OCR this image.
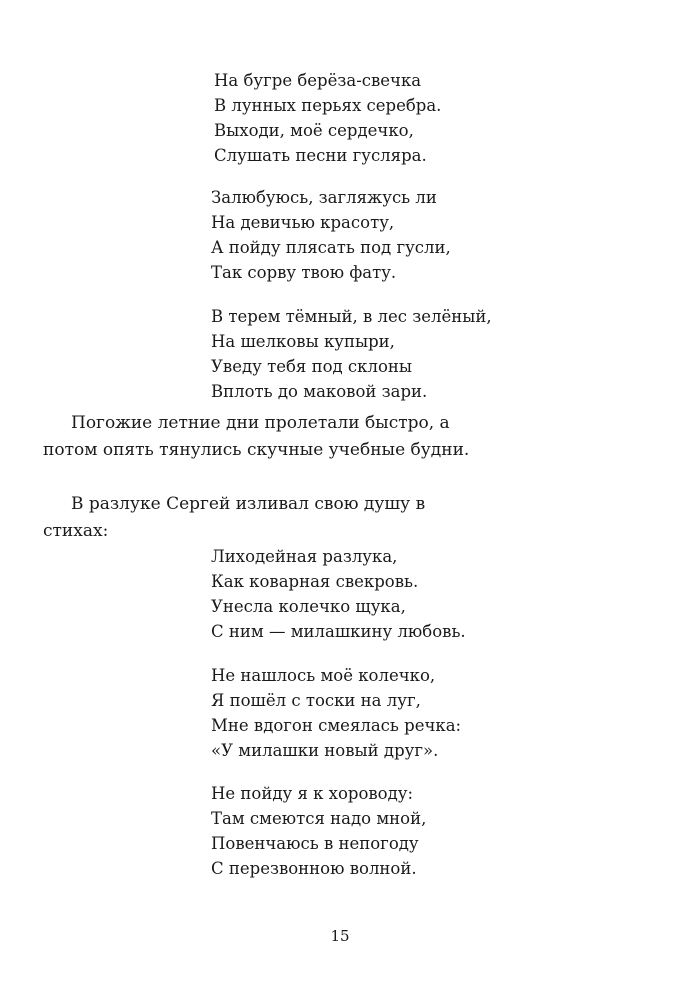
На бугре берёза-свечка
В лунных перьях серебра.
Выходи, моё сердечко,
Слушать песни гусляра.
Залюбуюсь, загляжусь ли
На девичью красоту,
А пойду плясать под гусли,
Так сорву твою фату.
В терем тёмный, в лес зелёный,
На шелковы купыри,
Уведу тебя под склоны
Вплоть до маковой зари.

Погожие летние дни пролетали быстро, а потом опять тянулись скучные учебные будни.

В разлуке Сергей изливал свою душу в стихах:

Лиходейная разлука,
Как коварная свекровь.
Унесла колечко щука,
С ним — милашкину любовь.
Не нашлось моё колечко,
Я пошёл с тоски на луг,
Мне вдогон смеялась речка:
«У милашки новый друг».
Не пойду я к хороводу:
Там смеются надо мной,
Повенчаюсь в непогоду
С перезвонною волной.
15
